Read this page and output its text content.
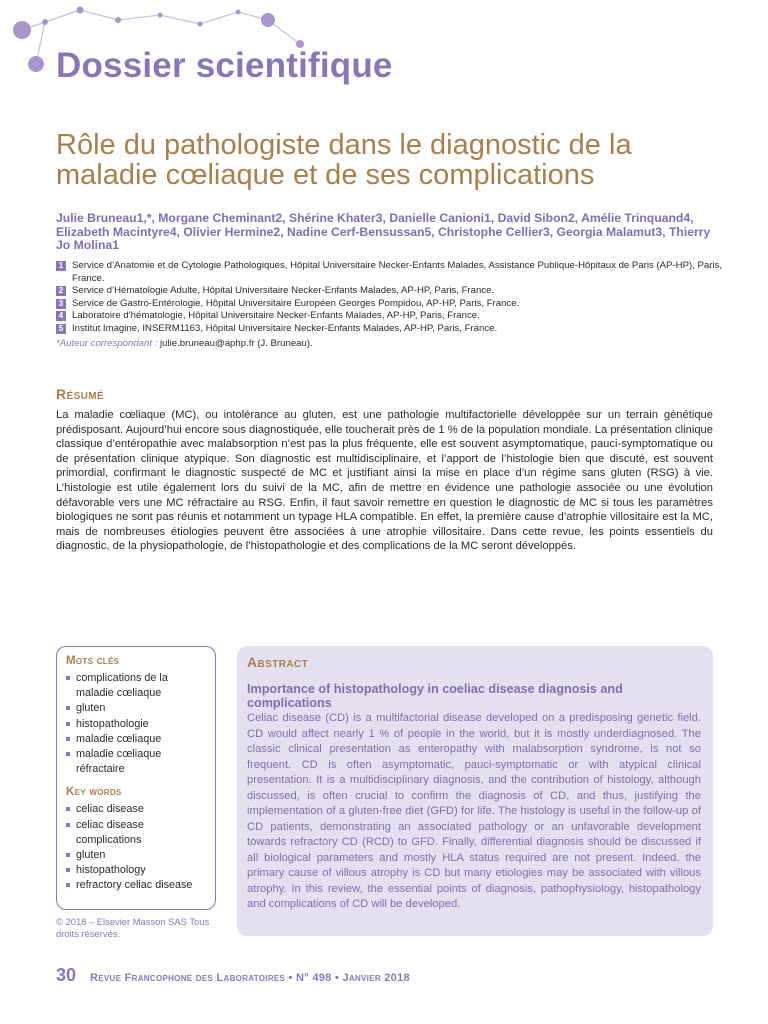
Dossier scientifique
Rôle du pathologiste dans le diagnostic de la maladie cœliaque et de ses complications
Julie Bruneau1,*, Morgane Cheminant2, Shérine Khater3, Danielle Canioni1, David Sibon2, Amélie Trinquand4, Elizabeth Macintyre4, Olivier Hermine2, Nadine Cerf-Bensussan5, Christophe Cellier3, Georgia Malamut3, Thierry Jo Molina1
1 Service d’Anatomie et de Cytologie Pathologiques, Hôpital Universitaire Necker-Enfants Malades, Assistance Publique-Hôpitaux de Paris (AP-HP), Paris, France.
2 Service d’Hématologie Adulte, Hôpital Universitaire Necker-Enfants Malades, AP-HP, Paris, France.
3 Service de Gastro-Entérologie, Hôpital Universitaire Européen Georges Pompidou, AP-HP, Paris, France.
4 Laboratoire d’hématologie, Hôpital Universitaire Necker-Enfants Malades, AP-HP, Paris, France.
5 Institut Imagine, INSERM1163, Hôpital Universitaire Necker-Enfants Malades, AP-HP, Paris, France.
*Auteur correspondant : julie.bruneau@aphp.fr (J. Bruneau).
Résumé

La maladie cœliaque (MC), ou intolérance au gluten, est une pathologie multifactorielle développée sur un terrain génétique prédisposant. Aujourd’hui encore sous diagnostiquée, elle toucherait près de 1 % de la population mondiale. La présentation clinique classique d’entéropathie avec malabsorption n’est pas la plus fréquente, elle est souvent asymptomatique, pauci-symptomatique ou de présentation clinique atypique. Son diagnostic est multidisciplinaire, et l’apport de l’histologie bien que discuté, est souvent primordial, confirmant le diagnostic suspecté de MC et justifiant ainsi la mise en place d’un régime sans gluten (RSG) à vie. L’histologie est utile également lors du suivi de la MC, afin de mettre en évidence une pathologie associée ou une évolution défavorable vers une MC réfractaire au RSG. Enfin, il faut savoir remettre en question le diagnostic de MC si tous les paramètres biologiques ne sont pas réunis et notamment un typage HLA compatible. En effet, la première cause d’atrophie villositaire est la MC, mais de nombreuses étiologies peuvent être associées à une atrophie villositaire. Dans cette revue, les points essentiels du diagnostic, de la physiopathologie, de l’histopathologie et des complications de la MC seront développés.

Mots clés
complications de la maladie cœliaque
gluten
histopathologie
maladie cœliaque
maladie cœliaque réfractaire
Key words
celiac disease
celiac disease complications
gluten
histopathology
refractory celiac disease
© 2018 – Elsevier Masson SAS Tous droits réservés.
Abstract
Importance of histopathology in coeliac disease diagnosis and complications

Celiac disease (CD) is a multifactorial disease developed on a predisposing genetic field. CD would affect nearly 1 % of people in the world, but it is mostly underdiagnosed. The classic clinical presentation as enteropathy with malabsorption syndrome, is not so frequent. CD is often asymptomatic, pauci-symptomatic or with atypical clinical presentation. It is a multidisciplinary diagnosis, and the contribution of histology, although discussed, is often crucial to confirm the diagnosis of CD, and thus, justifying the implementation of a gluten-free diet (GFD) for life. The histology is useful in the follow-up of CD patients, demonstrating an associated pathology or an unfavorable development towards refractory CD (RCD) to GFD. Finally, differential diagnosis should be discussed if all biological parameters and mostly HLA status required are not present. Indeed, the primary cause of villous atrophy is CD but many etiologies may be associated with villous atrophy. In this review, the essential points of diagnosis, pathophysiology, histopathology and complications of CD will be developed.

30 Revue Francophone des Laboratoires • N° 498 • Janvier 2018
